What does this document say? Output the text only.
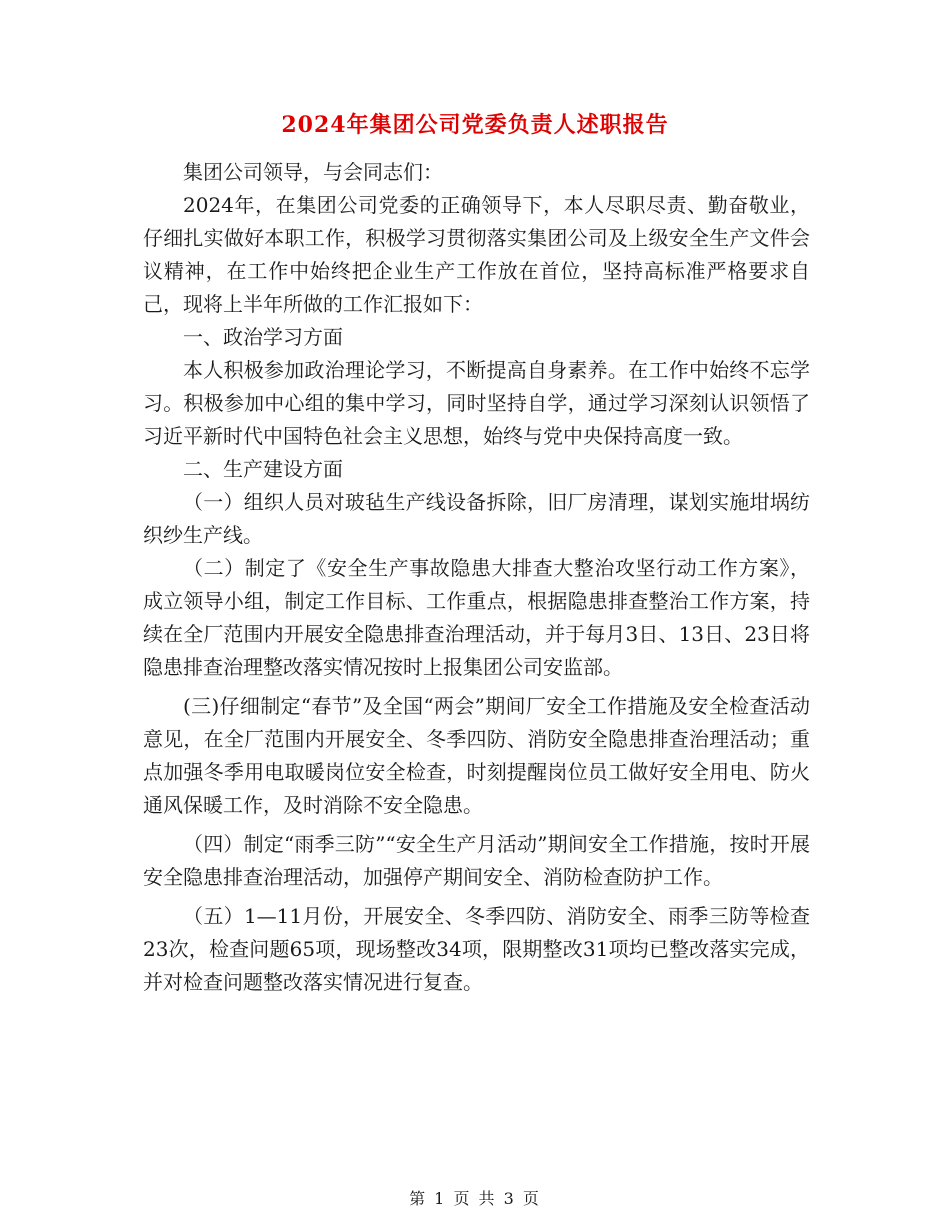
2024年集团公司党委负责人述职报告

集团公司领导，与会同志们：

2024年，在集团公司党委的正确领导下，本人尽职尽责、勤奋敬业，仔细扎实做好本职工作，积极学习贯彻落实集团公司及上级安全生产文件会议精神，在工作中始终把企业生产工作放在首位，坚持高标准严格要求自己，现将上半年所做的工作汇报如下：

一、政治学习方面

本人积极参加政治理论学习，不断提高自身素养。在工作中始终不忘学习。积极参加中心组的集中学习，同时坚持自学，通过学习深刻认识领悟了习近平新时代中国特色社会主义思想，始终与党中央保持高度一致。

二、生产建设方面

（一）组织人员对玻毡生产线设备拆除，旧厂房清理，谋划实施坩埚纺织纱生产线。

（二）制定了《安全生产事故隐患大排查大整治攻坚行动工作方案》，成立领导小组，制定工作目标、工作重点，根据隐患排查整治工作方案，持续在全厂范围内开展安全隐患排查治理活动，并于每月3日、13日、23日将隐患排查治理整改落实情况按时上报集团公司安监部。

(三)仔细制定“春节”及全国“两会”期间厂安全工作措施及安全检查活动意见，在全厂范围内开展安全、冬季四防、消防安全隐患排查治理活动；重点加强冬季用电取暖岗位安全检查，时刻提醒岗位员工做好安全用电、防火通风保暖工作，及时消除不安全隐患。

（四）制定“雨季三防”“安全生产月活动”期间安全工作措施，按时开展安全隐患排查治理活动，加强停产期间安全、消防检查防护工作。

（五）1—11月份，开展安全、冬季四防、消防安全、雨季三防等检查23次，检查问题65项，现场整改34项，限期整改31项均已整改落实完成，并对检查问题整改落实情况进行复查。

第 1 页 共 3 页
